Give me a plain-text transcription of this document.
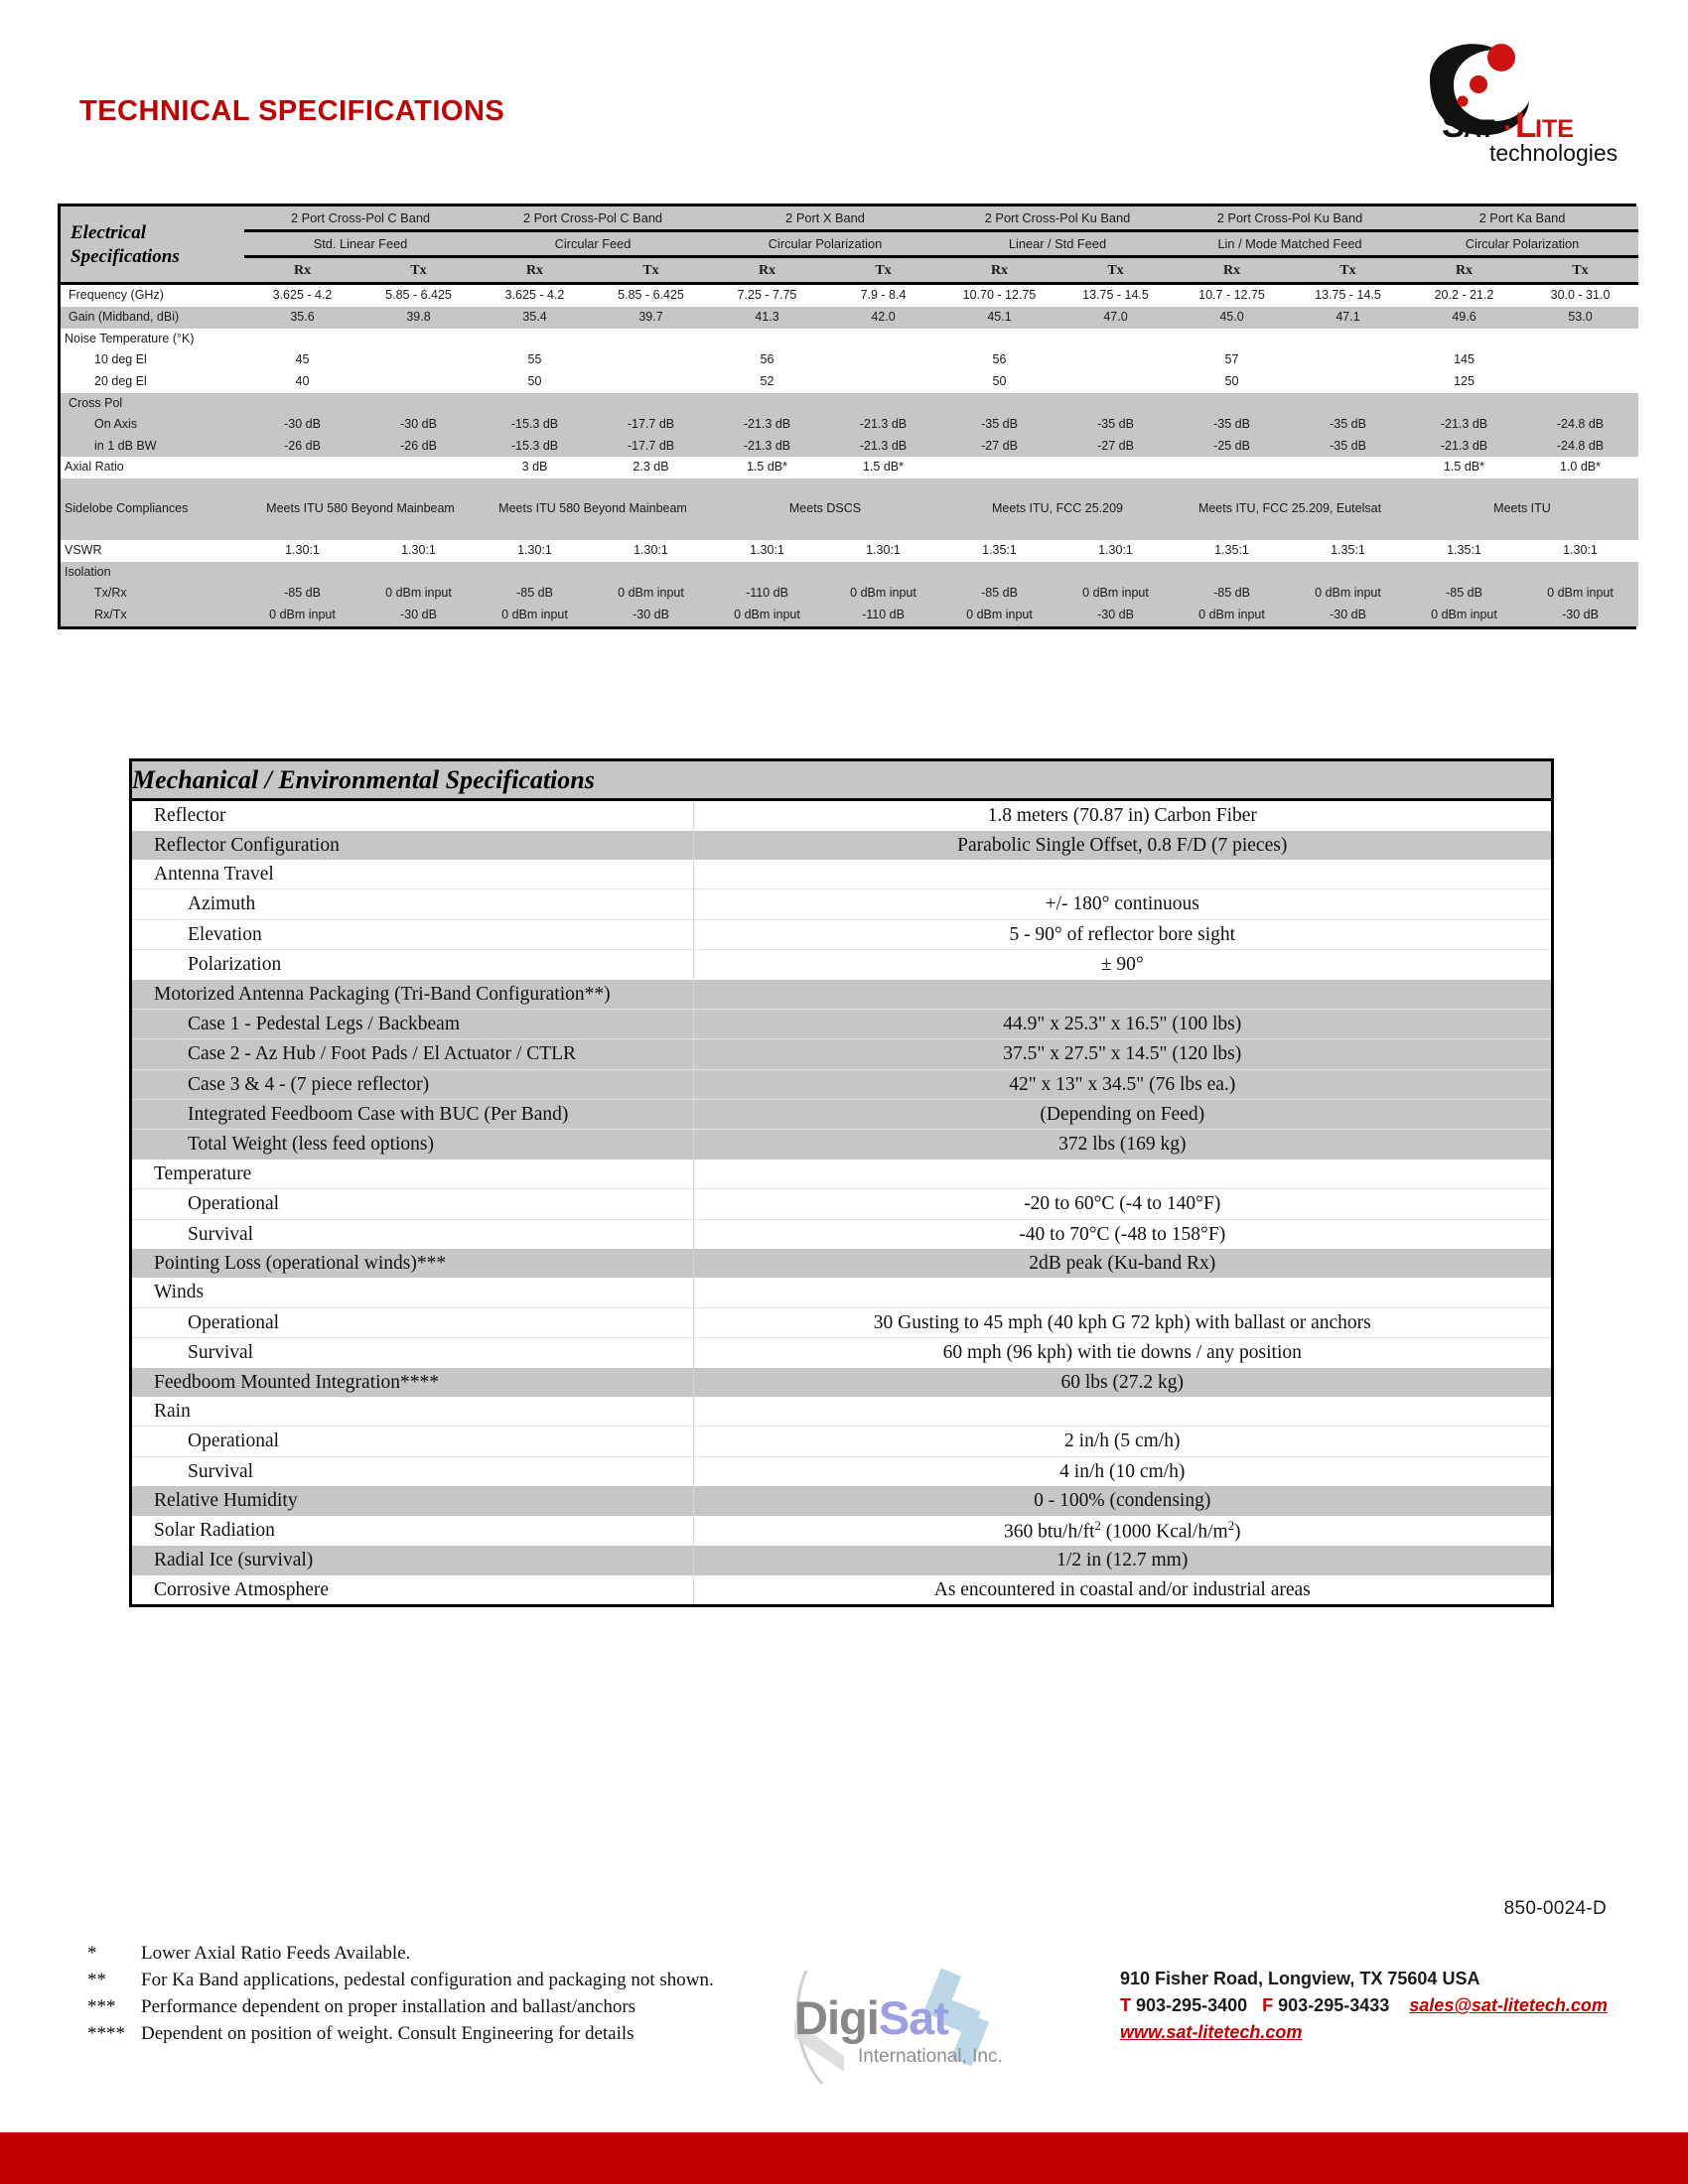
TECHNICAL SPECIFICATIONS	S
AT · L
ITE
technologies
Electrical
Specifications	2 Port Cross-Pol C Band		2 Port Cross-Pol C Band		2 Port X Band		2 Port Cross-Pol Ku Band		2 Port Cross-Pol Ku Band		2 Port Ka Band	
	Std. Linear Feed		Circular Feed		Circular Polarization		Linear / Std Feed		Lin / Mode Matched Feed		Circular Polarization	
	Rx	Tx	Rx	Tx	Rx	Tx	Rx	Tx	Rx	Tx	Rx	Tx
Frequency (GHz)	3.625 - 4.2	5.85 - 6.425	3.625 - 4.2	5.85 - 6.425	7.25 - 7.75	7.9 - 8.4	10.70 - 12.75	13.75 - 14.5	10.7 - 12.75	13.75 - 14.5	20.2 - 21.2	30.0 - 31.0
Gain (Midband, dBi)	35.6	39.8	35.4	39.7	41.3	42.0	45.1	47.0	45.0	47.1	49.6	53.0
Noise Temperature (°K)												
10 deg El	45		55		56		56		57		145	
20 deg El	40		50		52		50		50		125	
Cross Pol												
On Axis	-30 dB	-30 dB	-15.3 dB	-17.7 dB	-21.3 dB	-21.3 dB	-35 dB	-35 dB	-35 dB	-35 dB	-21.3 dB	-24.8 dB
in 1 dB BW	-26 dB	-26 dB	-15.3 dB	-17.7 dB	-21.3 dB	-21.3 dB	-27 dB	-27 dB	-25 dB	-35 dB	-21.3 dB	-24.8 dB
Axial Ratio			3 dB	2.3 dB	1.5 dB*	1.5 dB*					1.5 dB*	1.0 dB*
Sidelobe Compliances	Meets ITU 580 Beyond Mainbeam		Meets ITU 580 Beyond Mainbeam		Meets DSCS		Meets ITU, FCC 25.209		Meets ITU, FCC 25.209, Eutelsat		Meets ITU	
VSWR	1.30:1	1.30:1	1.30:1	1.30:1	1.30:1	1.30:1	1.35:1	1.30:1	1.35:1	1.35:1	1.35:1	1.30:1
Isolation												
Tx/Rx	-85 dB	0 dBm input	-85 dB	0 dBm input	-110 dB	0 dBm input	-85 dB	0 dBm input	-85 dB	0 dBm input	-85 dB	0 dBm input
Rx/Tx	0 dBm input	-30 dB	0 dBm input	-30 dB	0 dBm input	-110 dB	0 dBm input	-30 dB	0 dBm input	-30 dB	0 dBm input	-30 dB
Mechanical / Environmental Specifications	
Reflector	1.8 meters (70.87 in) Carbon Fiber
Reflector Configuration	Parabolic Single Offset, 0.8 F/D (7 pieces)
Antenna Travel	
Azimuth	+/- 180° continuous
Elevation	5 - 90° of reflector bore sight
Polarization	± 90°
Motorized Antenna Packaging (Tri-Band Configuration**)	
Case 1 - Pedestal Legs / Backbeam	44.9" x 25.3" x 16.5" (100 lbs)
Case 2 - Az Hub / Foot Pads / El Actuator / CTLR	37.5" x 27.5" x 14.5" (120 lbs)
Case 3 & 4 - (7 piece reflector)	42" x 13" x 34.5" (76 lbs ea.)
Integrated Feedboom Case with BUC (Per Band)	(Depending on Feed)
Total Weight (less feed options)	372 lbs (169 kg)
Temperature	
Operational	-20 to 60°C (-4 to 140°F)
Survival	-40 to 70°C (-48 to 158°F)
Pointing Loss (operational winds)***	2dB peak (Ku-band Rx)
Winds	
Operational	30 Gusting to 45 mph (40 kph G 72 kph) with ballast or anchors
Survival	60 mph (96 kph) with tie downs / any position
Feedboom Mounted Integration****	60 lbs (27.2 kg)
Rain	
Operational	2 in/h (5 cm/h)
Survival	4 in/h (10 cm/h)
Relative Humidity	0 - 100% (condensing)
Solar Radiation	360 btu/$h/ft^2$ (1000 Kcal/$h/m^2$)
Radial Ice (survival)	1/2 in (12.7 mm)
Corrosive Atmosphere	As encountered in coastal and/or industrial areas
*	Lower Axial Ratio Feeds Available.
**	For Ka Band applications, pedestal configuration and packaging not shown.
***	Performance dependent on proper installation and ballast/anchors
**** Dependent on position of weight. Consult Engineering for details
850-0024-D
DigiSat
International, Inc.
910 Fisher Road, Longview, TX 75604 USA
T 903-295-3400 F 903-295-3433 sales@sat-litetech.com
www.sat-litetech.com
